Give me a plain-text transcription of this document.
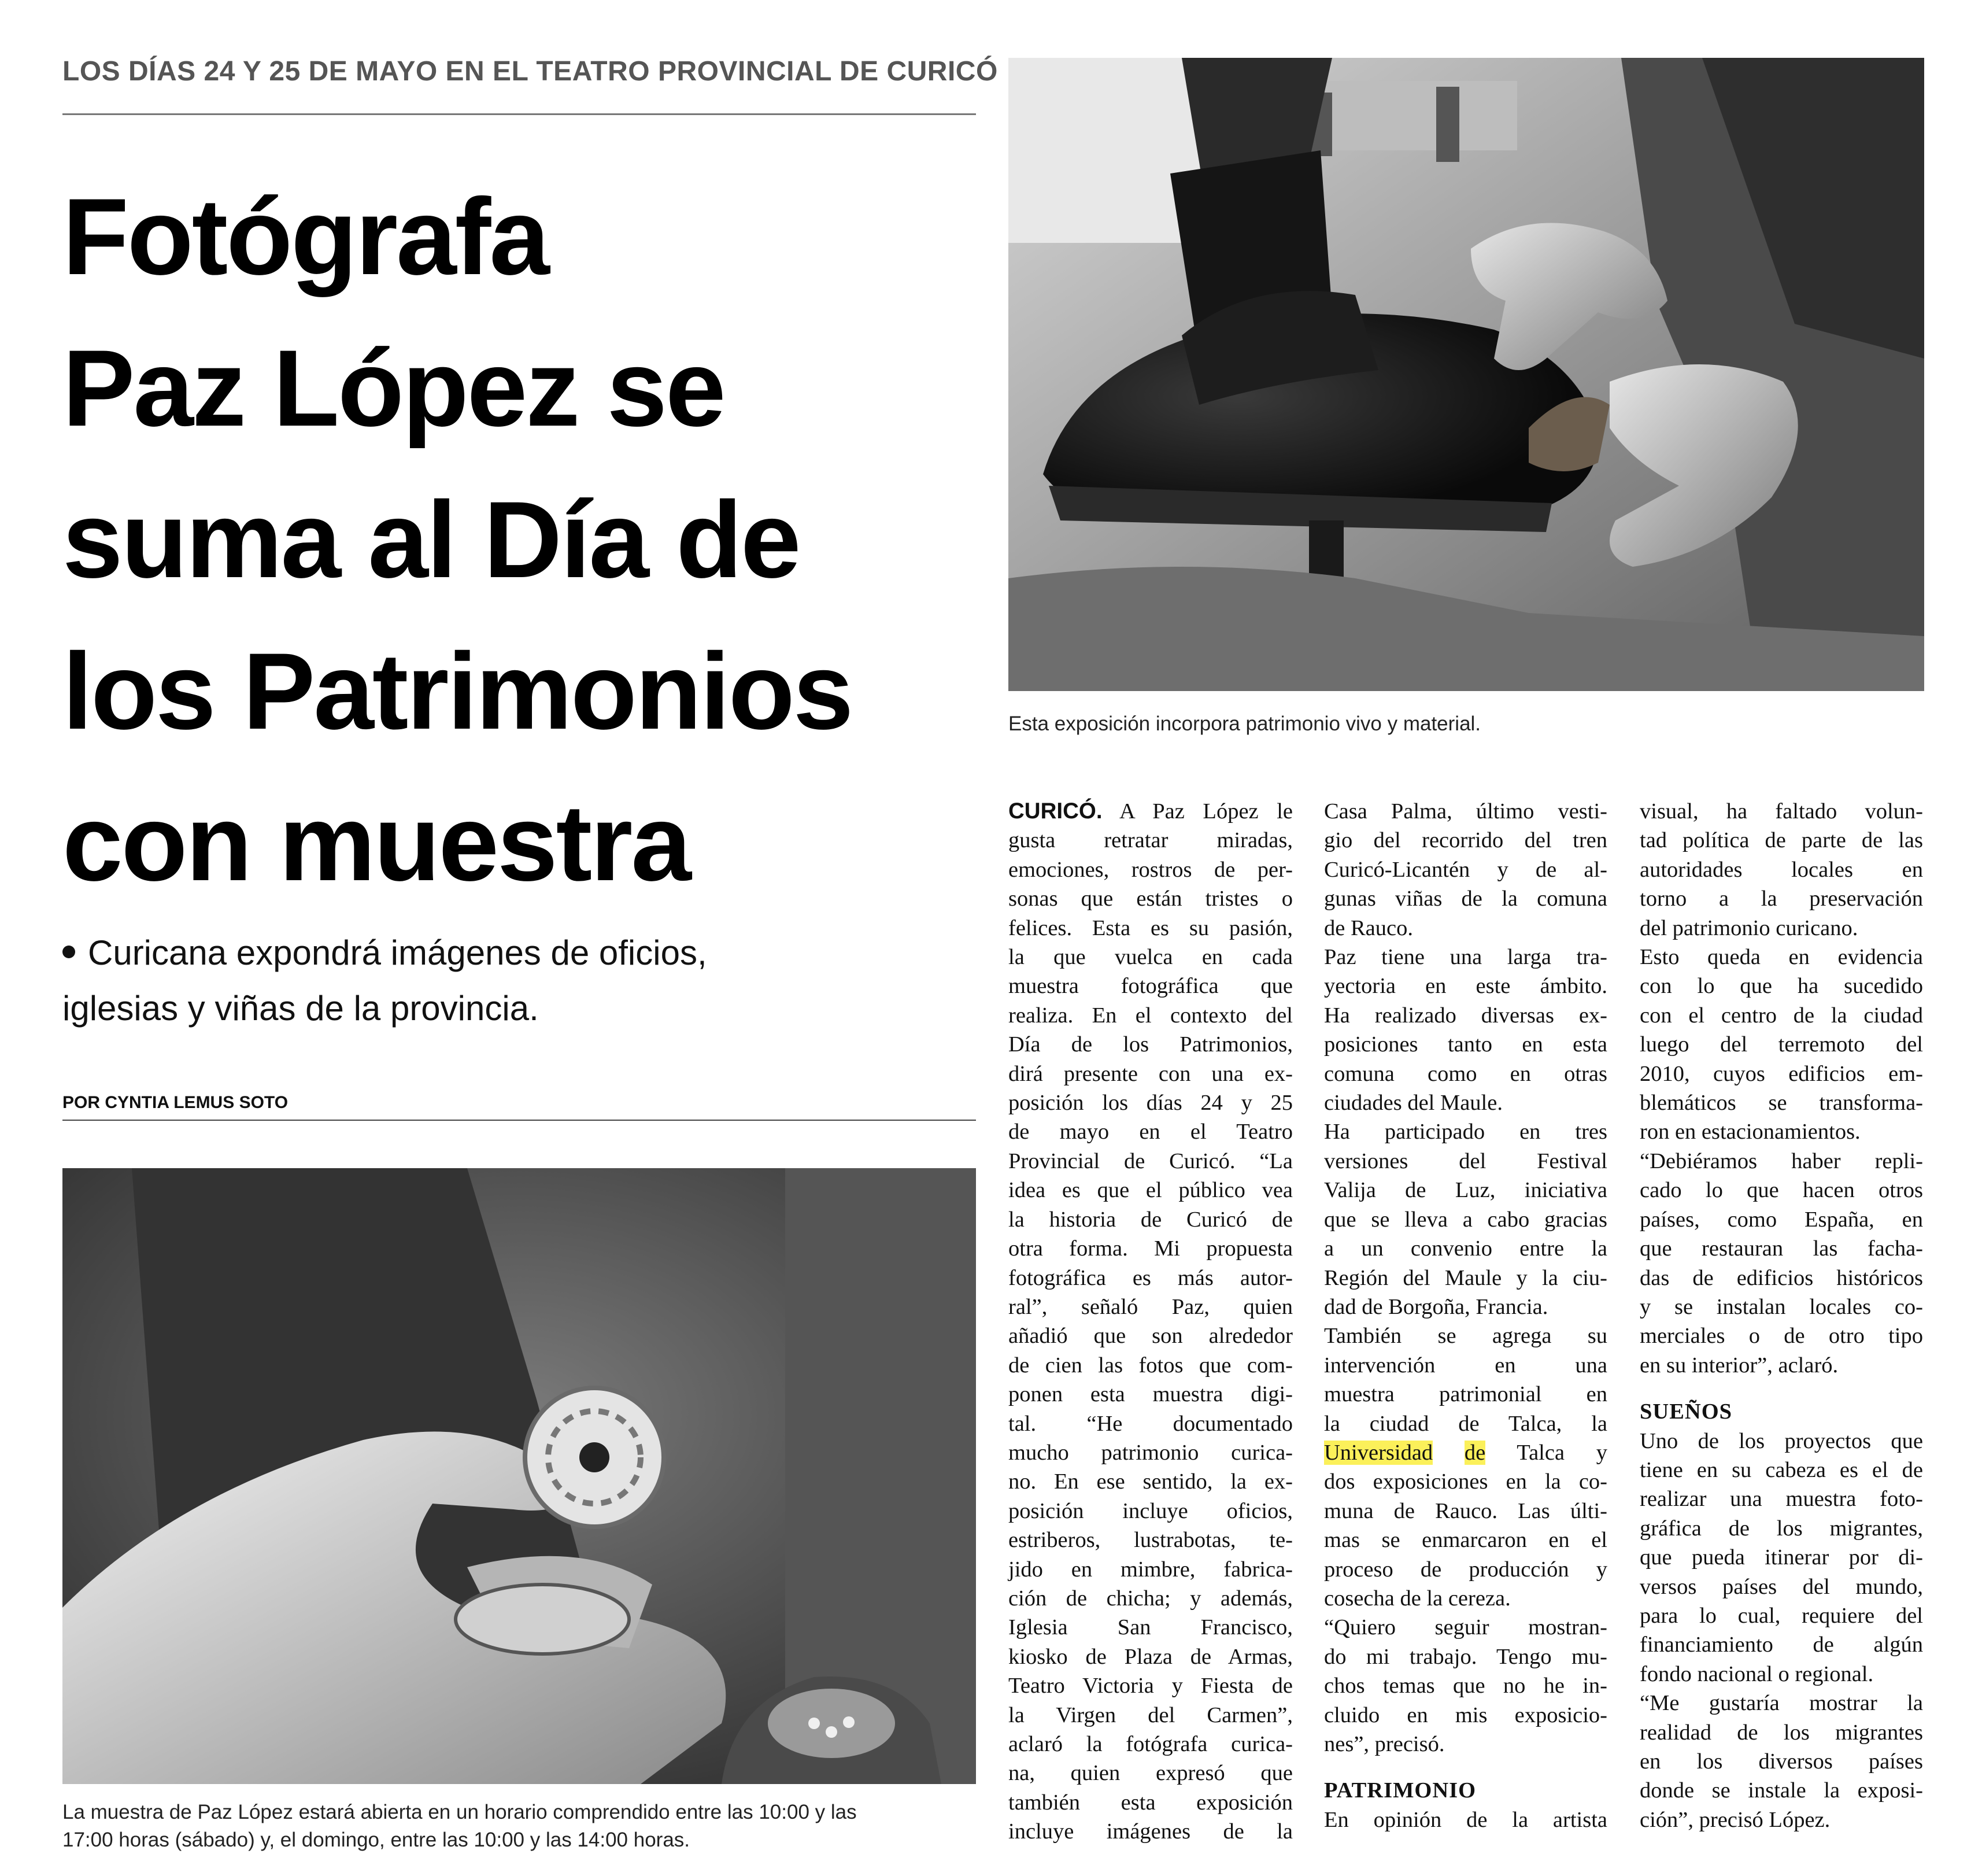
LOS DÍAS 24 Y 25 DE MAYO EN EL TEATRO PROVINCIAL DE CURICÓ
Fotógrafa
Paz López se
suma al Día de
los Patrimonios
con muestra
Curicana expondrá imágenes de oficios,
iglesias y viñas de la provincia.
POR CYNTIA LEMUS SOTO
Esta exposición incorpora patrimonio vivo y material.
La muestra de Paz López estará abierta en un horario comprendido entre las 10:00 y las
17:00 horas (sábado) y, el domingo, entre las 10:00 y las 14:00 horas.
CURICÓ. A Paz López le
gusta retratar miradas,
emociones, rostros de per-
sonas que están tristes o
felices. Esta es su pasión,
la que vuelca en cada
muestra fotográfica que
realiza. En el contexto del
Día de los Patrimonios,
dirá presente con una ex-
posición los días 24 y 25
de mayo en el Teatro
Provincial de Curicó. “La
idea es que el público vea
la historia de Curicó de
otra forma. Mi propuesta
fotográfica es más autor-
ral”, señaló Paz, quien
añadió que son alrededor
de cien las fotos que com-
ponen esta muestra digi-
tal. “He documentado
mucho patrimonio curica-
no. En ese sentido, la ex-
posición incluye oficios,
estriberos, lustrabotas, te-
jido en mimbre, fabrica-
ción de chicha; y además,
Iglesia San Francisco,
kiosko de Plaza de Armas,
Teatro Victoria y Fiesta de
la Virgen del Carmen”,
aclaró la fotógrafa curica-
na, quien expresó que
también esta exposición
incluye imágenes de la
Casa Palma, último vesti-
gio del recorrido del tren
Curicó-Licantén y de al-
gunas viñas de la comuna
de Rauco.
Paz tiene una larga tra-
yectoria en este ámbito.
Ha realizado diversas ex-
posiciones tanto en esta
comuna como en otras
ciudades del Maule.
Ha participado en tres
versiones del Festival
Valija de Luz, iniciativa
que se lleva a cabo gracias
a un convenio entre la
Región del Maule y la ciu-
dad de Borgoña, Francia.
También se agrega su
intervención en una
muestra patrimonial en
la ciudad de Talca, la
Universidad de Talca y
dos exposiciones en la co-
muna de Rauco. Las últi-
mas se enmarcaron en el
proceso de producción y
cosecha de la cereza.
“Quiero seguir mostran-
do mi trabajo. Tengo mu-
chos temas que no he in-
cluido en mis exposicio-
nes”, precisó.
PATRIMONIO
En opinión de la artista
visual, ha faltado volun-
tad política de parte de las
autoridades locales en
torno a la preservación
del patrimonio curicano.
Esto queda en evidencia
con lo que ha sucedido
con el centro de la ciudad
luego del terremoto del
2010, cuyos edificios em-
blemáticos se transforma-
ron en estacionamientos.
“Debiéramos haber repli-
cado lo que hacen otros
países, como España, en
que restauran las facha-
das de edificios históricos
y se instalan locales co-
merciales o de otro tipo
en su interior”, aclaró.
SUEÑOS
Uno de los proyectos que
tiene en su cabeza es el de
realizar una muestra foto-
gráfica de los migrantes,
que pueda itinerar por di-
versos países del mundo,
para lo cual, requiere del
financiamiento de algún
fondo nacional o regional.
“Me gustaría mostrar la
realidad de los migrantes
en los diversos países
donde se instale la exposi-
ción”, precisó López.
